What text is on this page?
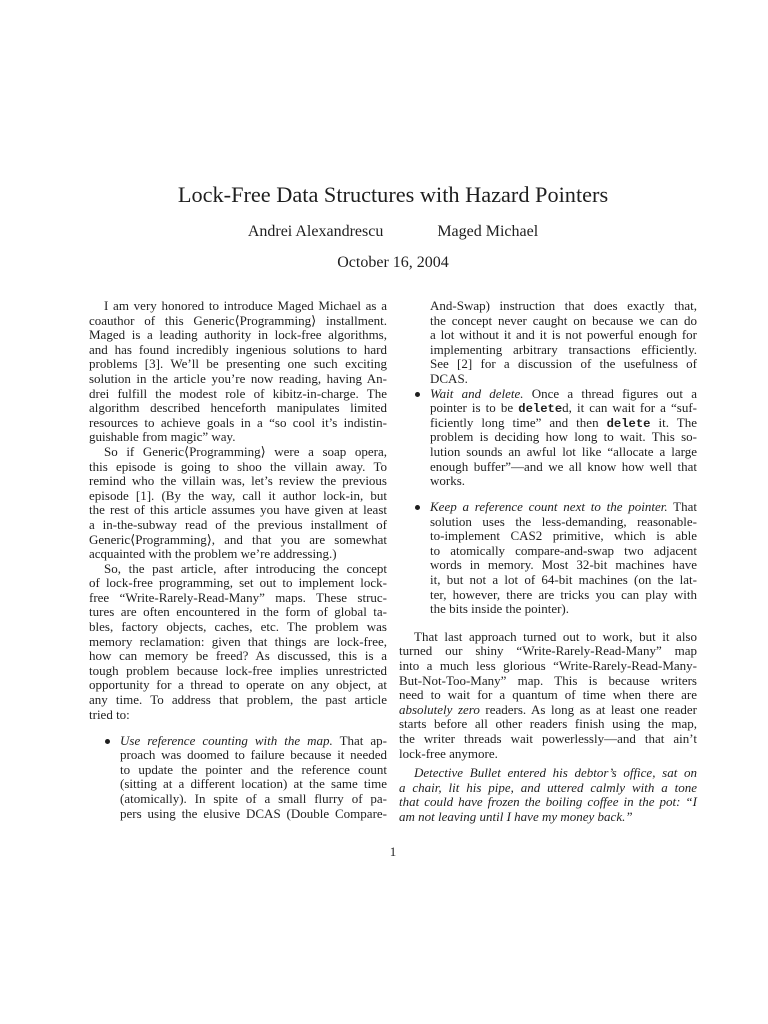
Lock-Free Data Structures with Hazard Pointers
Andrei Alexandrescu	Maged Michael
October 16, 2004
I am very honored to introduce Maged Michael as a
coauthor of this Generic⟨Programming⟩ installment.
Maged is a leading authority in lock-free algorithms,
and has found incredibly ingenious solutions to hard
problems [3]. We’ll be presenting one such exciting
solution in the article you’re now reading, having An-
drei fulfill the modest role of kibitz-in-charge. The
algorithm described henceforth manipulates limited
resources to achieve goals in a “so cool it’s indistin-
guishable from magic” way.
So if Generic⟨Programming⟩ were a soap opera,
this episode is going to shoo the villain away. To
remind who the villain was, let’s review the previous
episode [1]. (By the way, call it author lock-in, but
the rest of this article assumes you have given at least
a in-the-subway read of the previous installment of
Generic⟨Programming⟩, and that you are somewhat
acquainted with the problem we’re addressing.)
So, the past article, after introducing the concept
of lock-free programming, set out to implement lock-
free “Write-Rarely-Read-Many” maps. These struc-
tures are often encountered in the form of global ta-
bles, factory objects, caches, etc. The problem was
memory reclamation: given that things are lock-free,
how can memory be freed? As discussed, this is a
tough problem because lock-free implies unrestricted
opportunity for a thread to operate on any object, at
any time. To address that problem, the past article
tried to:
Use reference counting with the map. That ap-
proach was doomed to failure because it needed
to update the pointer and the reference count
(sitting at a different location) at the same time
(atomically). In spite of a small flurry of pa-
pers using the elusive DCAS (Double Compare-
And-Swap) instruction that does exactly that,
the concept never caught on because we can do
a lot without it and it is not powerful enough for
implementing arbitrary transactions efficiently.
See [2] for a discussion of the usefulness of DCAS.
Wait and delete. Once a thread figures out a
pointer is to be deleted, it can wait for a “suf-
ficiently long time” and then delete it. The
problem is deciding how long to wait. This so-
lution sounds an awful lot like “allocate a large
enough buffer”—and we all know how well that
works.
Keep a reference count next to the pointer. That
solution uses the less-demanding, reasonable-
to-implement CAS2 primitive, which is able
to atomically compare-and-swap two adjacent
words in memory. Most 32-bit machines have
it, but not a lot of 64-bit machines (on the lat-
ter, however, there are tricks you can play with
the bits inside the pointer).
That last approach turned out to work, but it also
turned our shiny “Write-Rarely-Read-Many” map
into a much less glorious “Write-Rarely-Read-Many-
But-Not-Too-Many” map. This is because writers
need to wait for a quantum of time when there are
absolutely zero readers. As long as at least one reader
starts before all other readers finish using the map,
the writer threads wait powerlessly—and that ain’t
lock-free anymore.
Detective Bullet entered his debtor’s office, sat on
a chair, lit his pipe, and uttered calmly with a tone
that could have frozen the boiling coffee in the pot: “I
am not leaving until I have my money back.”
1
